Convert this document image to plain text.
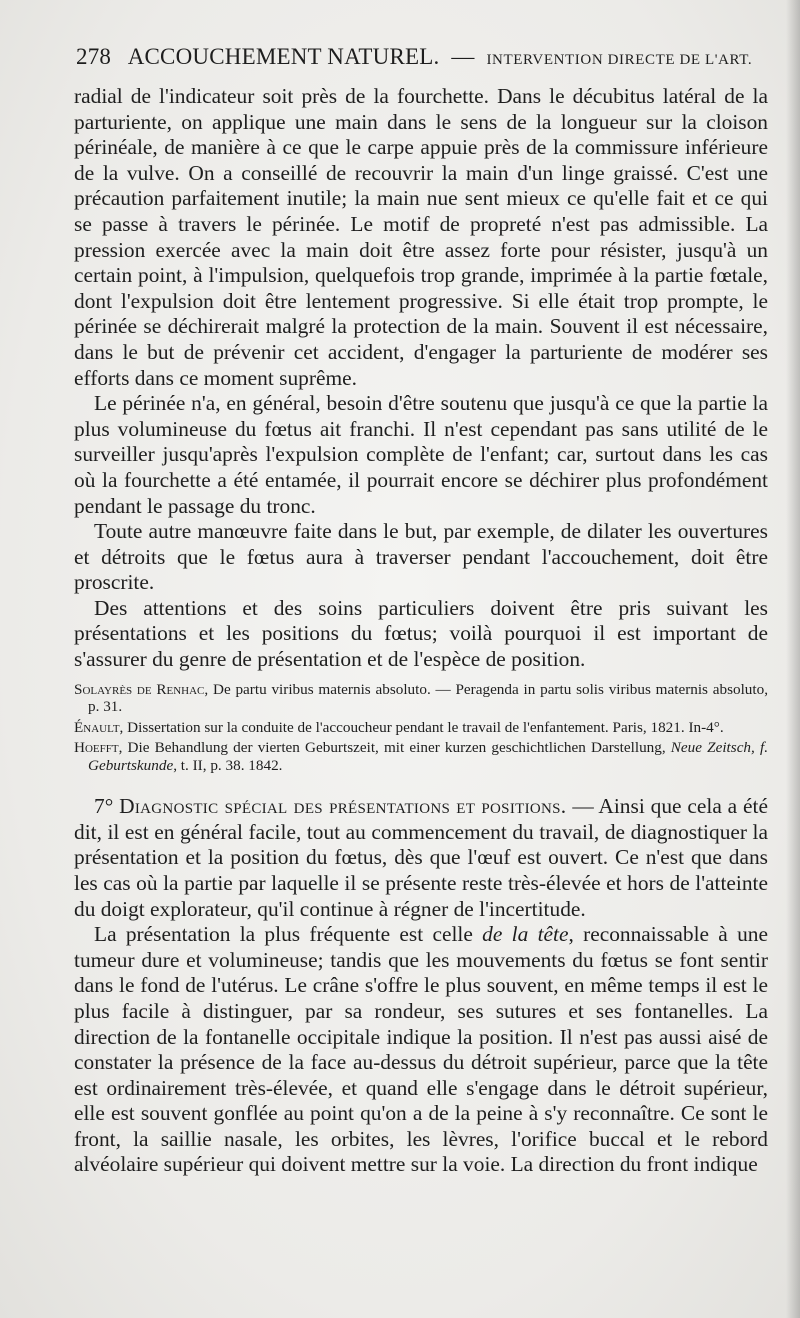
278 ACCOUCHEMENT NATUREL. — INTERVENTION DIRECTE DE L'ART.

radial de l'indicateur soit près de la fourchette. Dans le décubitus latéral de la parturiente, on applique une main dans le sens de la longueur sur la cloison périnéale, de manière à ce que le carpe appuie près de la commissure inférieure de la vulve. On a conseillé de recouvrir la main d'un linge graissé. C'est une précaution parfaitement inutile; la main nue sent mieux ce qu'elle fait et ce qui se passe à travers le périnée. Le motif de propreté n'est pas admissible. La pression exercée avec la main doit être assez forte pour résister, jusqu'à un certain point, à l'impulsion, quelquefois trop grande, imprimée à la partie fœtale, dont l'expulsion doit être lentement progressive. Si elle était trop prompte, le périnée se déchirerait malgré la protection de la main. Souvent il est nécessaire, dans le but de prévenir cet accident, d'engager la parturiente de modérer ses efforts dans ce moment suprême.

Le périnée n'a, en général, besoin d'être soutenu que jusqu'à ce que la partie la plus volumineuse du fœtus ait franchi. Il n'est cependant pas sans utilité de le surveiller jusqu'après l'expulsion complète de l'enfant; car, surtout dans les cas où la fourchette a été entamée, il pourrait encore se déchirer plus profondément pendant le passage du tronc.

Toute autre manœuvre faite dans le but, par exemple, de dilater les ouvertures et détroits que le fœtus aura à traverser pendant l'accouchement, doit être proscrite.

Des attentions et des soins particuliers doivent être pris suivant les présentations et les positions du fœtus; voilà pourquoi il est important de s'assurer du genre de présentation et de l'espèce de position.

Solayrès de Renhac, De partu viribus maternis absoluto. — Peragenda in partu solis viribus maternis absoluto, p. 31.
Énault, Dissertation sur la conduite de l'accoucheur pendant le travail de l'enfantement. Paris, 1821. In-4°.
Hoefft, Die Behandlung der vierten Geburtszeit, mit einer kurzen geschichtlichen Darstellung, Neue Zeitsch, f. Geburtskunde, t. II, p. 38. 1842.

7° Diagnostic spécial des présentations et positions. — Ainsi que cela a été dit, il est en général facile, tout au commencement du travail, de diagnostiquer la présentation et la position du fœtus, dès que l'œuf est ouvert. Ce n'est que dans les cas où la partie par laquelle il se présente reste très-élevée et hors de l'atteinte du doigt explorateur, qu'il continue à régner de l'incertitude.

La présentation la plus fréquente est celle de la tête, reconnaissable à une tumeur dure et volumineuse; tandis que les mouvements du fœtus se font sentir dans le fond de l'utérus. Le crâne s'offre le plus souvent, en même temps il est le plus facile à distinguer, par sa rondeur, ses sutures et ses fontanelles. La direction de la fontanelle occipitale indique la position. Il n'est pas aussi aisé de constater la présence de la face au-dessus du détroit supérieur, parce que la tête est ordinairement très-élevée, et quand elle s'engage dans le détroit supérieur, elle est souvent gonflée au point qu'on a de la peine à s'y reconnaître. Ce sont le front, la saillie nasale, les orbites, les lèvres, l'orifice buccal et le rebord alvéolaire supérieur qui doivent mettre sur la voie. La direction du front indique
